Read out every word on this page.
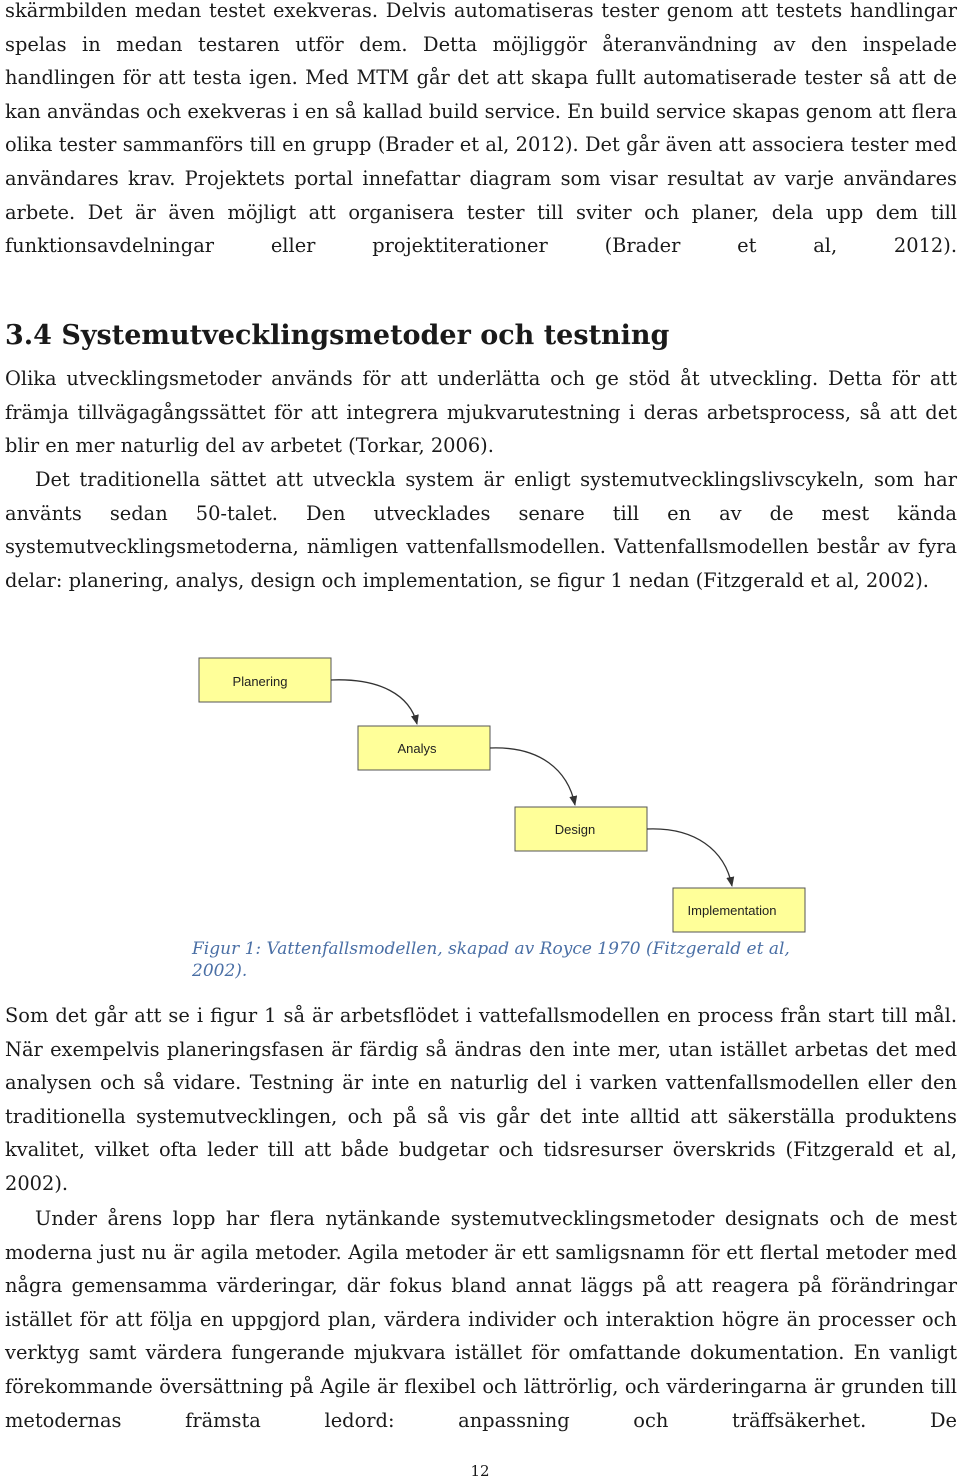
skärmbilden medan testet exekveras. Delvis automatiseras tester genom att testets handlingar spelas in medan testaren utför dem. Detta möjliggör återanvändning av den inspelade handlingen för att testa igen. Med MTM går det att skapa fullt automatiserade tester så att de kan användas och exekveras i en så kallad build service. En build service skapas genom att flera olika tester sammanförs till en grupp (Brader et al, 2012). Det går även att associera tester med användares krav. Projektets portal innefattar diagram som visar resultat av varje användares arbete. Det är även möjligt att organisera tester till sviter och planer, dela upp dem till funktionsavdelningar eller projektiterationer (Brader et al, 2012).

3.4 Systemutvecklingsmetoder och testning

Olika utvecklingsmetoder används för att underlätta och ge stöd åt utveckling. Detta för att främja tillvägagångssättet för att integrera mjukvarutestning i deras arbetsprocess, så att det blir en mer naturlig del av arbetet (Torkar, 2006).

Det traditionella sättet att utveckla system är enligt systemutvecklingslivscykeln, som har använts sedan 50-talet. Den utvecklades senare till en av de mest kända systemutvecklingsmetoderna, nämligen vattenfallsmodellen. Vattenfallsmodellen består av fyra delar: planering, analys, design och implementation, se figur 1 nedan (Fitzgerald et al, 2002).

Planering
Analys
Design
Implementation

Figur 1: Vattenfallsmodellen, skapad av Royce 1970 (Fitzgerald et al, 2002).

Som det går att se i figur 1 så är arbetsflödet i vattefallsmodellen en process från start till mål. När exempelvis planeringsfasen är färdig så ändras den inte mer, utan istället arbetas det med analysen och så vidare. Testning är inte en naturlig del i varken vattenfallsmodellen eller den traditionella systemutvecklingen, och på så vis går det inte alltid att säkerställa produktens kvalitet, vilket ofta leder till att både budgetar och tidsresurser överskrids (Fitzgerald et al, 2002).

Under årens lopp har flera nytänkande systemutvecklingsmetoder designats och de mest moderna just nu är agila metoder. Agila metoder är ett samligsnamn för ett flertal metoder med några gemensamma värderingar, där fokus bland annat läggs på att reagera på förändringar istället för att följa en uppgjord plan, värdera individer och interaktion högre än processer och verktyg samt värdera fungerande mjukvara istället för omfattande dokumentation. En vanligt förekommande översättning på Agile är flexibel och lättrörlig, och värderingarna är grunden till metodernas främsta ledord: anpassning och träffsäkerhet. De

12
